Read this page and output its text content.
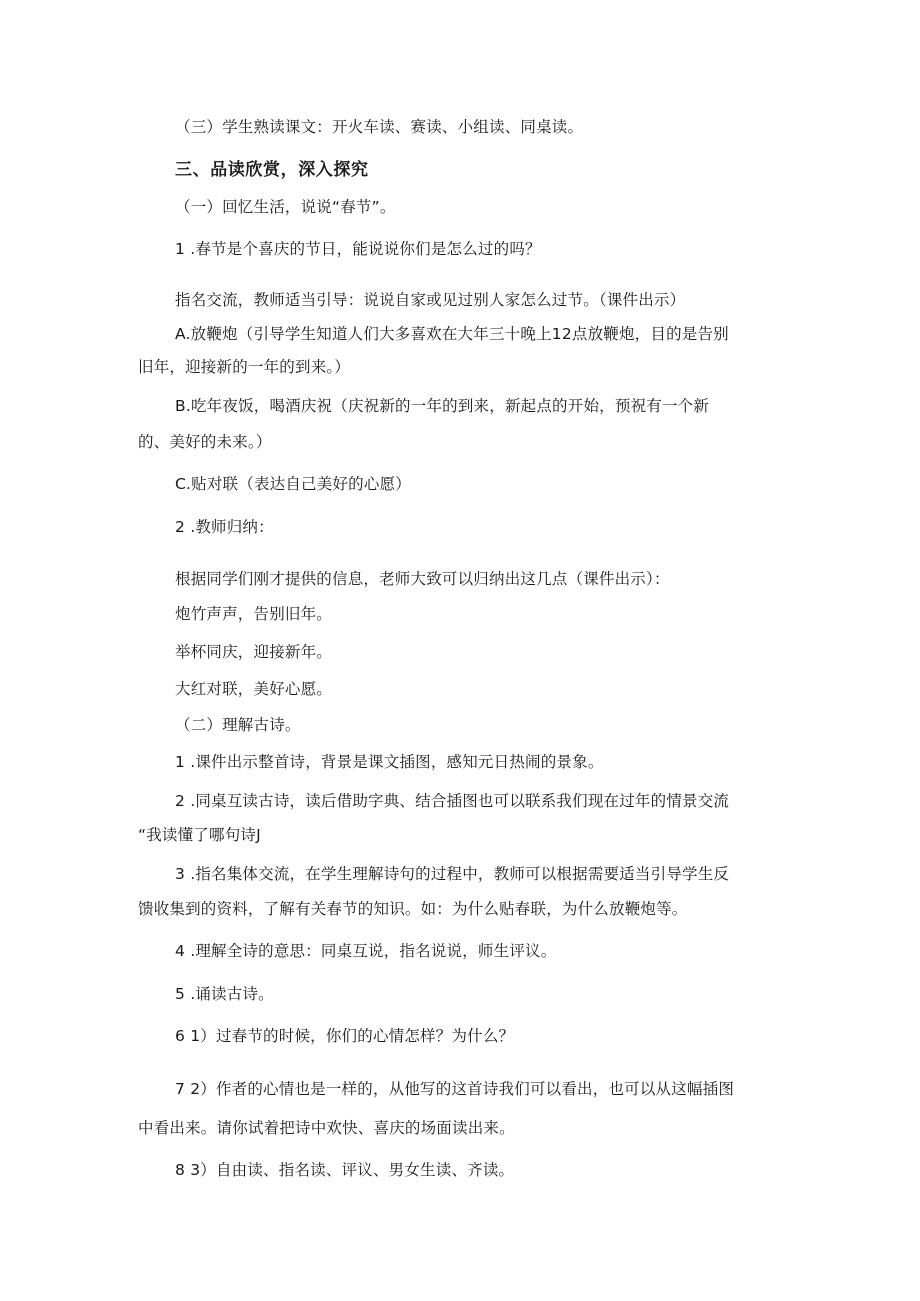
（三）学生熟读课文：开火车读、赛读、小组读、同桌读。
三、品读欣赏，深入探究
（一）回忆生活，说说“春节”。
1 .春节是个喜庆的节日，能说说你们是怎么过的吗？
指名交流，教师适当引导：说说自家或见过别人家怎么过节。（课件出示）
A.放鞭炮（引导学生知道人们大多喜欢在大年三十晚上12点放鞭炮，目的是告别
旧年，迎接新的一年的到来。）
B.吃年夜饭，喝酒庆祝（庆祝新的一年的到来，新起点的开始，预祝有一个新
的、美好的未来。）
C.贴对联（表达自己美好的心愿）
2 .教师归纳：
根据同学们刚才提供的信息，老师大致可以归纳出这几点（课件出示）：
炮竹声声，告别旧年。
举杯同庆，迎接新年。
大红对联，美好心愿。
（二）理解古诗。
1 .课件出示整首诗，背景是课文插图，感知元日热闹的景象。
2 .同桌互读古诗，读后借助字典、结合插图也可以联系我们现在过年的情景交流
“我读懂了哪句诗J
3 .指名集体交流，在学生理解诗句的过程中，教师可以根据需要适当引导学生反
馈收集到的资料，了解有关春节的知识。如：为什么贴春联，为什么放鞭炮等。
4 .理解全诗的意思：同桌互说，指名说说，师生评议。
5 .诵读古诗。
6 1）过春节的时候，你们的心情怎样？为什么？
7 2）作者的心情也是一样的，从他写的这首诗我们可以看出，也可以从这幅插图
中看出来。请你试着把诗中欢快、喜庆的场面读出来。
8 3）自由读、指名读、评议、男女生读、齐读。
